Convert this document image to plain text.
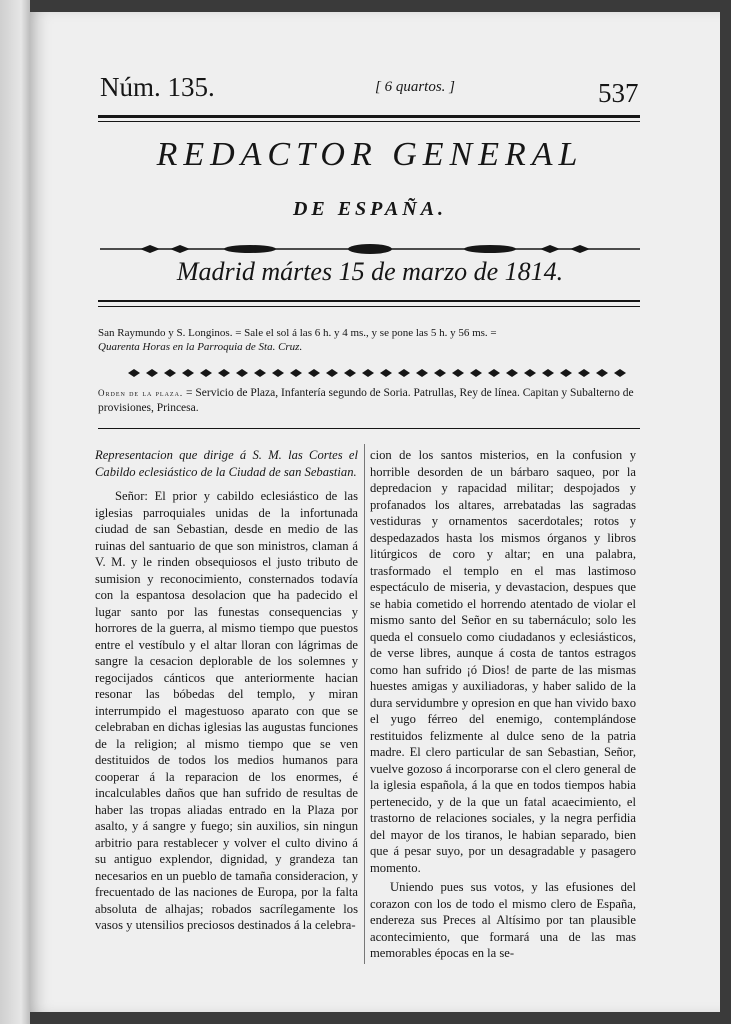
Núm. 135.	[ 6 quartos. ]	537
REDACTOR GENERAL
DE ESPAÑA.
Madrid mártes 15 de marzo de 1814.
San Raymundo y S. Longinos. = Sale el sol á las 6 h. y 4 ms., y se pone las 5 h. y 56 ms. =
Quarenta Horas en la Parroquia de Sta. Cruz.
Orden de la plaza. = Servicio de Plaza, Infantería segundo de Soria. Patrullas, Rey de línea. Capitan y Subalterno de provisiones, Princesa.

Representacion que dirige á S. M. las Cortes el Cabildo eclesiástico de la Ciudad de san Sebastian.

Señor: El prior y cabildo eclesiástico de las iglesias parroquiales unidas de la infortunada ciudad de san Sebastian, desde en medio de las ruinas del santuario de que son ministros, claman á V. M. y le rinden obsequiosos el justo tributo de sumision y reconocimiento, consternados todavía con la espantosa desolacion que ha padecido el lugar santo por las funestas consequencias y horrores de la guerra, al mismo tiempo que puestos entre el vestíbulo y el altar lloran con lágrimas de sangre la cesacion deplorable de los solemnes y regocijados cánticos que anteriormente hacian resonar las bóbedas del templo, y miran interrumpido el magestuoso aparato con que se celebraban en dichas iglesias las augustas funciones de la religion; al mismo tiempo que se ven destituidos de todos los medios humanos para cooperar á la reparacion de los enormes, é incalculables daños que han sufrido de resultas de haber las tropas aliadas entrado en la Plaza por asalto, y á sangre y fuego; sin auxilios, sin ningun arbitrio para restablecer y volver el culto divino á su antiguo explendor, dignidad, y grandeza tan necesarios en un pueblo de tamaña consideracion, y frecuentado de las naciones de Europa, por la falta absoluta de alhajas; robados sacrílegamente los vasos y utensilios preciosos destinados á la celebra-

cion de los santos misterios, en la confusion y horrible desorden de un bárbaro saqueo, por la depredacion y rapacidad militar; despojados y profanados los altares, arrebatadas las sagradas vestiduras y ornamentos sacerdotales; rotos y despedazados hasta los mismos órganos y libros litúrgicos de coro y altar; en una palabra, trasformado el templo en el mas lastimoso espectáculo de miseria, y devastacion, despues que se habia cometido el horrendo atentado de violar el mismo santo del Señor en su tabernáculo; solo les queda el consuelo como ciudadanos y eclesiásticos, de verse libres, aunque á costa de tantos estragos como han sufrido ¡ó Dios! de parte de las mismas huestes amigas y auxiliadoras, y haber salido de la dura servidumbre y opresion en que han vivido baxo el yugo férreo del enemigo, contemplándose restituidos felizmente al dulce seno de la patria madre. El clero particular de san Sebastian, Señor, vuelve gozoso á incorporarse con el clero general de la iglesia española, á la que en todos tiempos habia pertenecido, y de la que un fatal acaecimiento, el trastorno de relaciones sociales, y la negra perfidia del mayor de los tiranos, le habian separado, bien que á pesar suyo, por un desagradable y pasagero momento.

Uniendo pues sus votos, y las efusiones del corazon con los de todo el mismo clero de España, endereza sus Preces al Altísimo por tan plausible acontecimiento, que formará una de las mas memorables épocas en la se-
